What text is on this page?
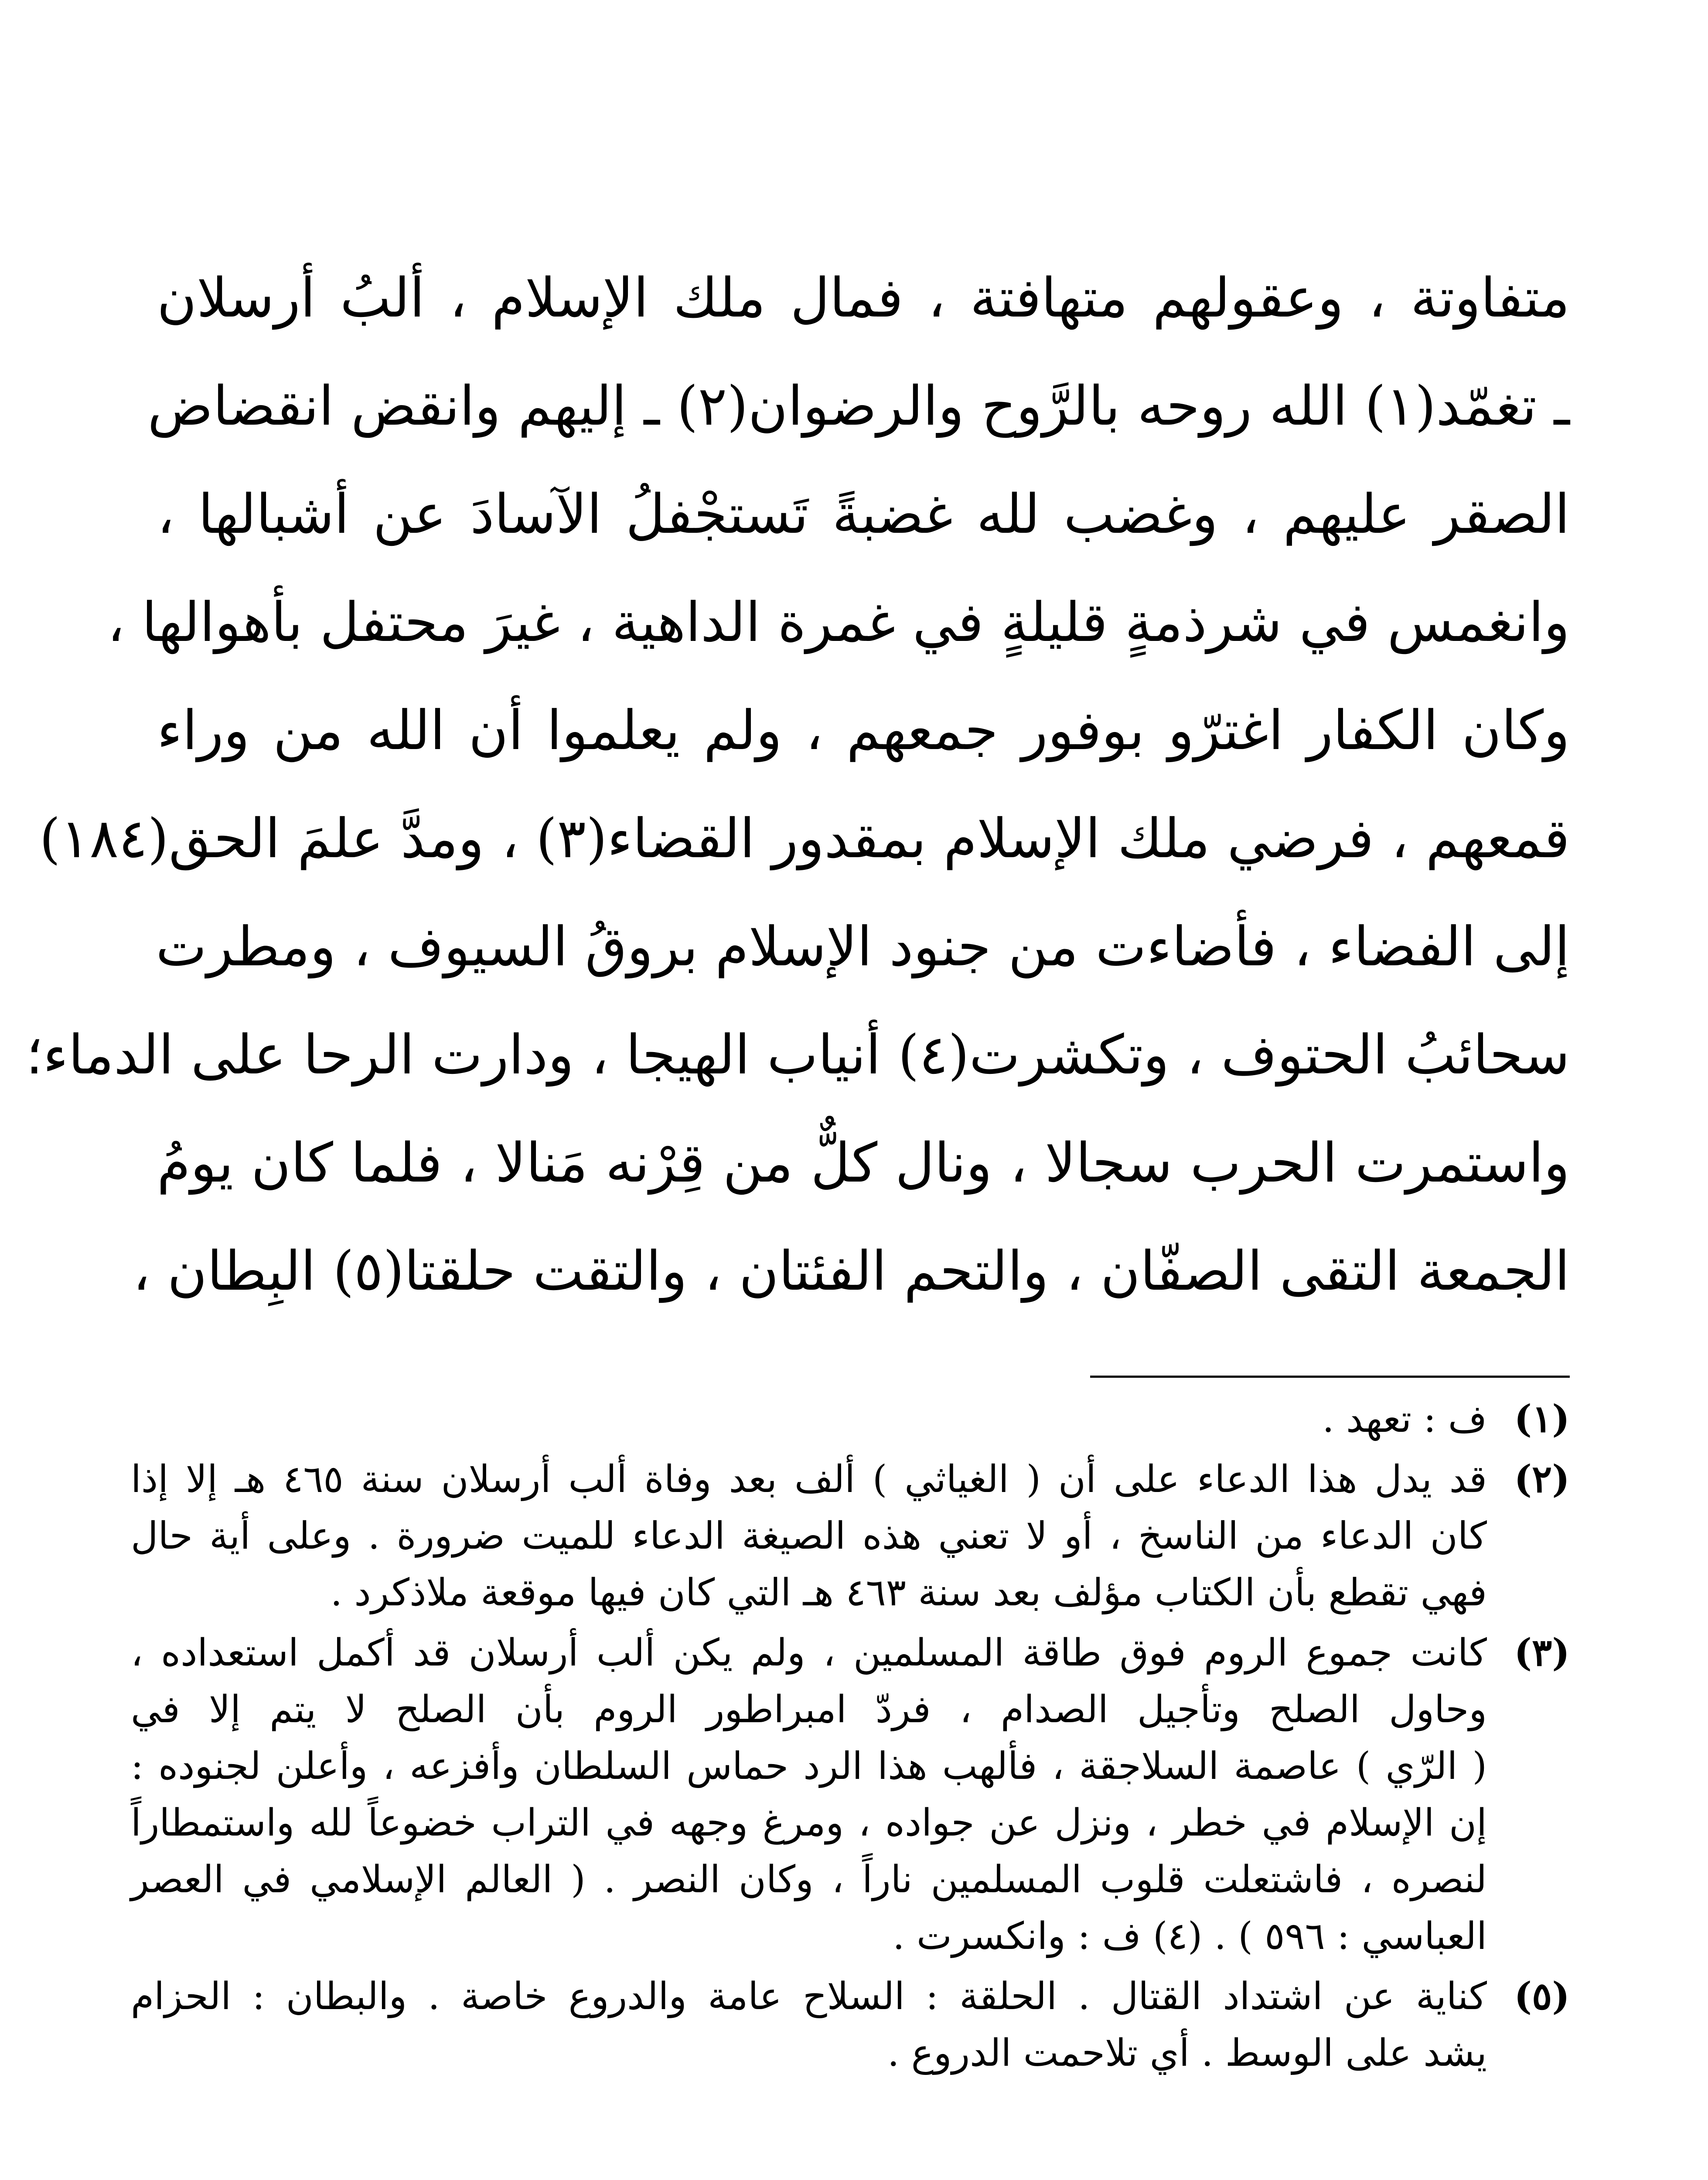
متفاوتة ، وعقولهم متهافتة ، فمال ملك الإسلام ، ألبُ أرسلان
ـ تغمّد(١) الله روحه بالرَّوح والرضوان(٢) ـ إليهم وانقض انقضاض
الصقر عليهم ، وغضب لله غضبةً تَستجْفلُ الآسادَ عن أشبالها ،
وانغمس في شرذمةٍ قليلةٍ في غمرة الداهية ، غيرَ محتفل بأهوالها ،
وكان الكفار اغترّو بوفور جمعهم ، ولم يعلموا أن الله من وراء
قمعهم ، فرضي ملك الإسلام بمقدور القضاء(٣) ، ومدَّ علمَ الحق(١٨٤)
إلى الفضاء ، فأضاءت من جنود الإسلام بروقُ السيوف ، ومطرت
سحائبُ الحتوف ، وتكشرت(٤) أنياب الهيجا ، ودارت الرحا على الدماء؛
واستمرت الحرب سجالا ، ونال كلٌّ من قِرْنه مَنالا ، فلما كان يومُ
الجمعة التقى الصفّان ، والتحم الفئتان ، والتقت حلقتا(٥) البِطان ،
(١)
ف : تعهد .
(٢)
قد يدل هذا الدعاء على أن ( الغياثي ) ألف بعد وفاة ألب أرسلان سنة ٤٦٥ هـ إلا إذا
كان الدعاء من الناسخ ، أو لا تعني هذه الصيغة الدعاء للميت ضرورة . وعلى أية حال
فهي تقطع بأن الكتاب مؤلف بعد سنة ٤٦٣ هـ التي كان فيها موقعة ملاذكرد .
(٣)
كانت جموع الروم فوق طاقة المسلمين ، ولم يكن ألب أرسلان قد أكمل استعداده ،
وحاول الصلح وتأجيل الصدام ، فردّ امبراطور الروم بأن الصلح لا يتم إلا في
( الرّي ) عاصمة السلاجقة ، فألهب هذا الرد حماس السلطان وأفزعه ، وأعلن لجنوده :
إن الإسلام في خطر ، ونزل عن جواده ، ومرغ وجهه في التراب خضوعاً لله واستمطاراً
لنصره ، فاشتعلت قلوب المسلمين ناراً ، وكان النصر . ( العالم الإسلامي في العصر
العباسي : ٥٩٦ ) . (٤) ف : وانكسرت .
(٥)
كناية عن اشتداد القتال . الحلقة : السلاح عامة والدروع خاصة . والبطان : الحزام
يشد على الوسط . أي تلاحمت الدروع .
